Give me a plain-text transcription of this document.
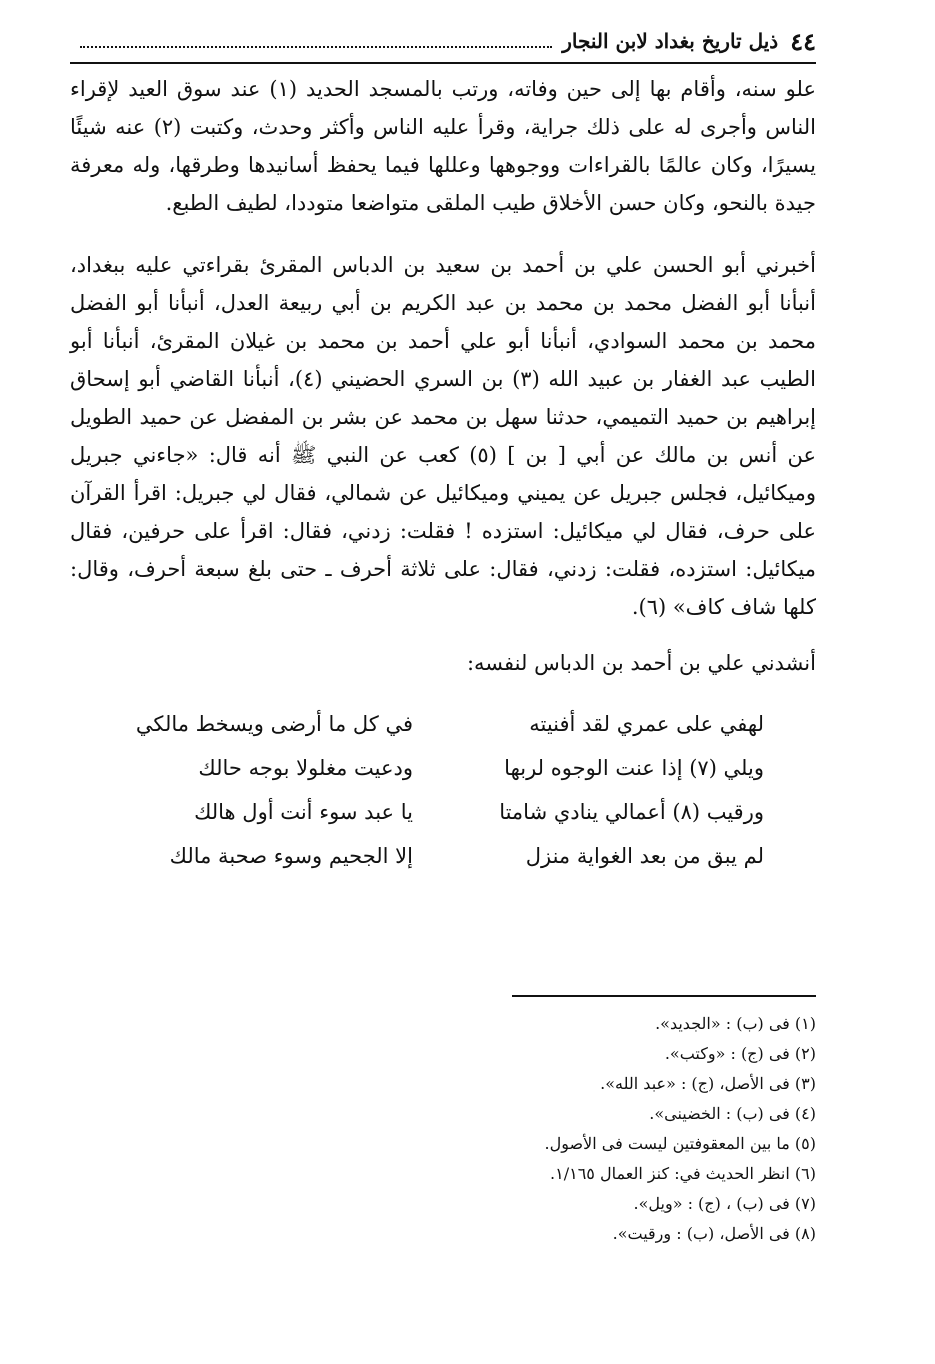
٤٤
ذيل تاريخ بغداد لابن النجار

علو سنه، وأقام بها إلى حين وفاته، ورتب بالمسجد الحديد (١) عند سوق العيد لإقراء الناس وأجرى له على ذلك جراية، وقرأ عليه الناس وأكثر وحدث، وكتبت (٢) عنه شيئًا يسيرًا، وكان عالمًا بالقراءات ووجوهها وعللها فيما يحفظ أسانيدها وطرقها، وله معرفة جيدة بالنحو، وكان حسن الأخلاق طيب الملقى متواضعا متوددا، لطيف الطبع.

أخبرني أبو الحسن علي بن أحمد بن سعيد بن الدباس المقرئ بقراءتي عليه ببغداد، أنبأنا أبو الفضل محمد بن محمد بن عبد الكريم بن أبي ربيعة العدل، أنبأنا أبو الفضل محمد بن محمد السوادي، أنبأنا أبو علي أحمد بن محمد بن غيلان المقرئ، أنبأنا أبو الطيب عبد الغفار بن عبيد الله (٣) بن السري الحضيني (٤)، أنبأنا القاضي أبو إسحاق إبراهيم بن حميد التميمي، حدثنا سهل بن محمد عن بشر بن المفضل عن حميد الطويل عن أنس بن مالك عن أبي [ بن ] (٥) كعب عن النبي ﷺ أنه قال: «جاءني جبريل وميكائيل، فجلس جبريل عن يميني وميكائيل عن شمالي، فقال لي جبريل: اقرأ القرآن على حرف، فقال لي ميكائيل: استزده ! فقلت: زدني، فقال: اقرأ على حرفين، فقال ميكائيل: استزده، فقلت: زدني، فقال: على ثلاثة أحرف ـ حتى بلغ سبعة أحرف، وقال: كلها شاف كاف» (٦).

أنشدني علي بن أحمد بن الدباس لنفسه:

لهفي على عمري لقد أفنيته
في كل ما أرضى ويسخط مالكي
ويلي (٧) إذا عنت الوجوه لربها
ودعيت مغلولا بوجه حالك
ورقيب (٨) أعمالي ينادي شامتا
يا عبد سوء أنت أول هالك
لم يبق من بعد الغواية منزل
إلا الجحيم وسوء صحبة مالك
(١) فى (ب) : «الجديد».
(٢) فى (ج) : «وكتب».
(٣) فى الأصل، (ج) : «عبد الله».
(٤) فى (ب) : الخضينى».
(٥) ما بين المعقوفتين ليست فى الأصول.
(٦) انظر الحديث في: كنز العمال ١/١٦٥.
(٧) فى (ب) ، (ج) : «ويل».
(٨) فى الأصل، (ب) : ورقيت».
